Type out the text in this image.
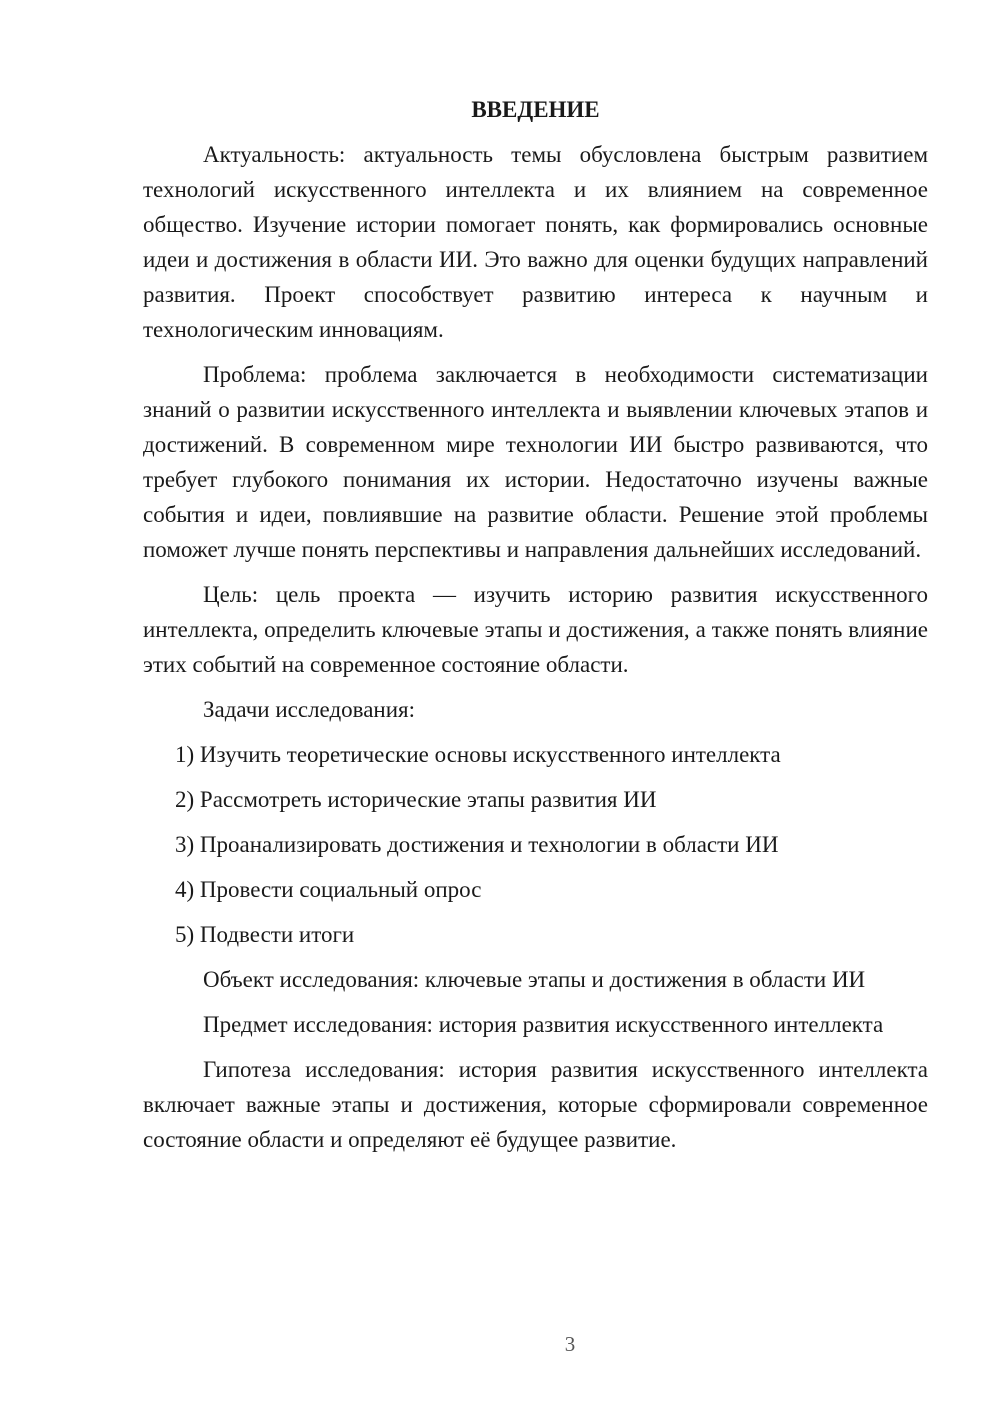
ВВЕДЕНИЕ

Актуальность: актуальность темы обусловлена быстрым развитием технологий искусственного интеллекта и их влиянием на современное общество. Изучение истории помогает понять, как формировались основные идеи и достижения в области ИИ. Это важно для оценки будущих направлений развития. Проект способствует развитию интереса к научным и технологическим инновациям.

Проблема: проблема заключается в необходимости систематизации знаний о развитии искусственного интеллекта и выявлении ключевых этапов и достижений. В современном мире технологии ИИ быстро развиваются, что требует глубокого понимания их истории. Недостаточно изучены важные события и идеи, повлиявшие на развитие области. Решение этой проблемы поможет лучше понять перспективы и направления дальнейших исследований.

Цель: цель проекта — изучить историю развития искусственного интеллекта, определить ключевые этапы и достижения, а также понять влияние этих событий на современное состояние области.

Задачи исследования:

1) Изучить теоретические основы искусственного интеллекта

2) Рассмотреть исторические этапы развития ИИ

3) Проанализировать достижения и технологии в области ИИ

4) Провести социальный опрос

5) Подвести итоги

Объект исследования: ключевые этапы и достижения в области ИИ

Предмет исследования: история развития искусственного интеллекта

Гипотеза исследования: история развития искусственного интеллекта включает важные этапы и достижения, которые сформировали современное состояние области и определяют её будущее развитие.

3
